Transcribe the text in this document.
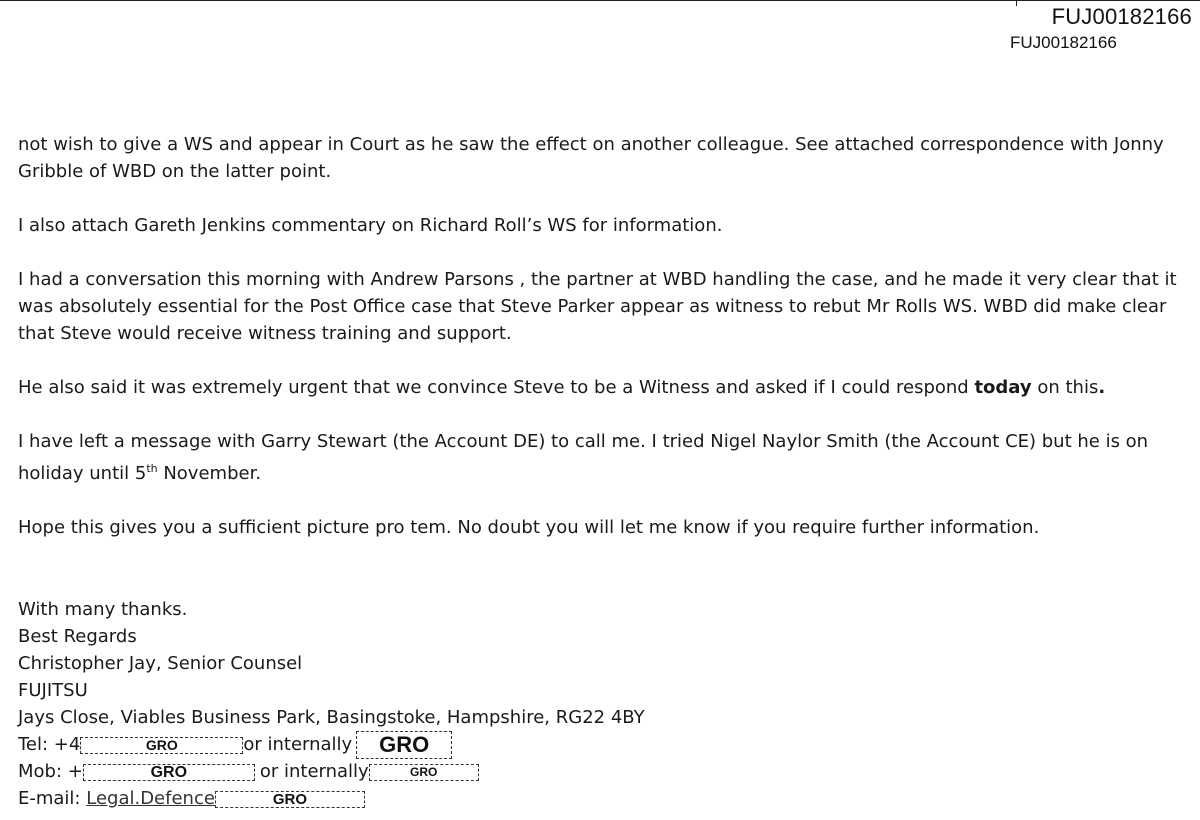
FUJ00182166
FUJ00182166

not wish to give a WS and appear in Court as he saw the effect on another colleague. See attached correspondence with Jonny Gribble of WBD on the latter point.

I also attach Gareth Jenkins commentary on Richard Roll’s WS for information.

I had a conversation this morning with Andrew Parsons , the partner at WBD handling the case, and he made it very clear that it was absolutely essential for the Post Office case that Steve Parker appear as witness to rebut Mr Rolls WS. WBD did make clear that Steve would receive witness training and support.

He also said it was extremely urgent that we convince Steve to be a Witness and asked if I could respond today on this.

I have left a message with Garry Stewart (the Account DE) to call me. I tried Nigel Naylor Smith (the Account CE) but he is on holiday until 5th November.

Hope this gives you a sufficient picture pro tem. No doubt you will let me know if you require further information.

With many thanks.
Best Regards
Christopher Jay, Senior Counsel
FUJITSU
Jays Close, Viables Business Park, Basingstoke, Hampshire, RG22 4BY
Tel: +4	GRO	or internally GRO
Mob: +	GRO	or internally	GRO
E-mail: Legal.Defence	GRO
